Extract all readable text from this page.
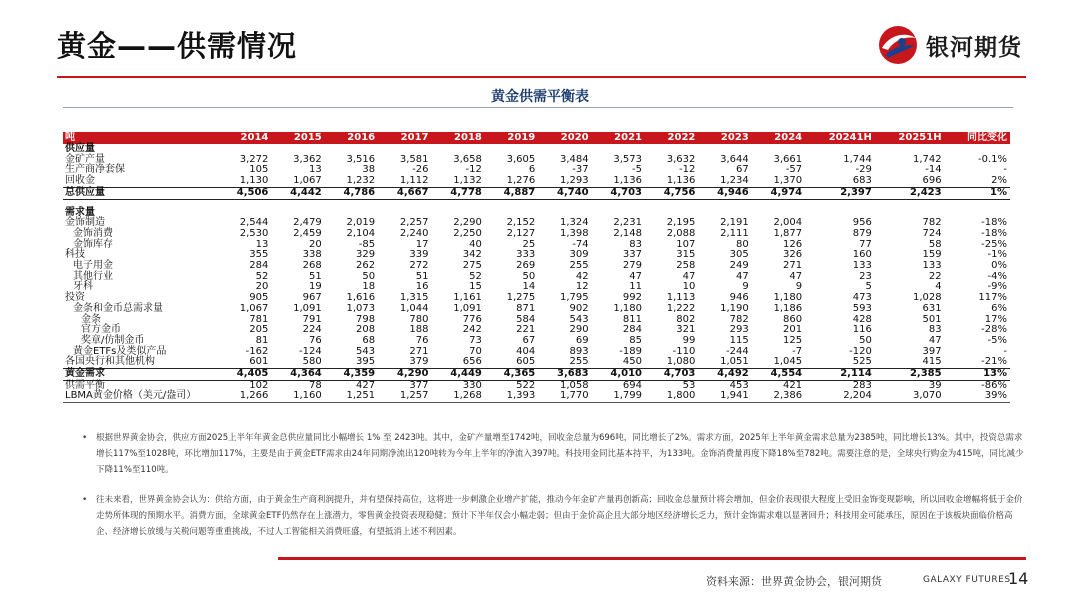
黄金——供需情况	银河期货
黄金供需平衡表
吨	2014	2015	2016	2017	2018	2019	2020	2021	2022	2023	2024	20241H	20251H	同比变化
供应量														
金矿产量	3,272	3,362	3,516	3,581	3,658	3,605	3,484	3,573	3,632	3,644	3,661	1,744	1,742	-0.1%
生产商净套保	105	13	38	-26	-12	6	-37	-5	-12	67	-57	-29	-14	-
回收金	1,130	1,067	1,232	1,112	1,132	1,276	1,293	1,136	1,136	1,234	1,370	683	696	2%
总供应量	4,506	4,442	4,786	4,667	4,778	4,887	4,740	4,703	4,756	4,946	4,974	2,397	2,423	1%

需求量														
金饰制造	2,544	2,479	2,019	2,257	2,290	2,152	1,324	2,231	2,195	2,191	2,004	956	782	-18%
金饰消费	2,530	2,459	2,104	2,240	2,250	2,127	1,398	2,148	2,088	2,111	1,877	879	724	-18%
金饰库存	13	20	-85	17	40	25	-74	83	107	80	126	77	58	-25%
科技	355	338	329	339	342	333	309	337	315	305	326	160	159	-1%
电子用金	284	268	262	272	275	269	255	279	258	249	271	133	133	0%
其他行业	52	51	50	51	52	50	42	47	47	47	47	23	22	-4%
牙科	20	19	18	16	15	14	12	11	10	9	9	5	4	-9%
投资	905	967	1,616	1,315	1,161	1,275	1,795	992	1,113	946	1,180	473	1,028	117%
金条和金币总需求量	1,067	1,091	1,073	1,044	1,091	871	902	1,180	1,222	1,190	1,186	593	631	6%
金条	781	791	798	780	776	584	543	811	802	782	860	428	501	17%
官方金币	205	224	208	188	242	221	290	284	321	293	201	116	83	-28%
奖章/仿制金币	81	76	68	76	73	67	69	85	99	115	125	50	47	-5%
黄金ETFs及类似产品	-162	-124	543	271	70	404	893	-189	-110	-244	-7	-120	397	-
各国央行和其他机构	601	580	395	379	656	605	255	450	1,080	1,051	1,045	525	415	-21%
黄金需求	4,405	4,364	4,359	4,290	4,449	4,365	3,683	4,010	4,703	4,492	4,554	2,114	2,385	13%
供需平衡	102	78	427	377	330	522	1,058	694	53	453	421	283	39	-86%
LBMA黄金价格（美元/盎司）	1,266	1,160	1,251	1,257	1,268	1,393	1,770	1,799	1,800	1,941	2,386	2,204	3,070	39%
• 根据世界黄金协会，供应方面2025上半年年黄金总供应量同比小幅增长 1% 至 2423吨。其中，金矿产量增至1742吨，回收金总量为696吨，同比增长了2%。需求方面，2025年上半年黄金需求总量为2385吨，同比增长13%。其中，投资总需求增长117%至1028吨，环比增加117%，主要是由于黄金ETF需求由24年同期净流出120吨转为今年上半年的净流入397吨。科技用金同比基本持平，为133吨。金饰消费量再度下降18%至782吨。需要注意的是，全球央行购金为415吨，同比减少下降11%至110吨。
• 往未来看，世界黄金协会认为：供给方面，由于黄金生产商利润提升，并有望保持高位，这将进一步刺激企业增产扩能，推动今年金矿产量再创新高；回收金总量预计将会增加，但金价表现很大程度上受旧金饰变现影响，所以回收金增幅将低于金价走势所体现的预期水平。消费方面，全球黄金ETF仍然存在上涨潜力，零售黄金投资表现稳健；预计下半年仅会小幅走弱；但由于金价高企且大部分地区经济增长乏力，预计金饰需求难以显著回升；科技用金可能承压，原因在于该板块面临价格高企、经济增长放缓与关税问题等重重挑战，不过人工智能相关消费旺盛，有望抵消上述不利因素。
资料来源：世界黄金协会，银河期货	GALAXY FUTURES
14
